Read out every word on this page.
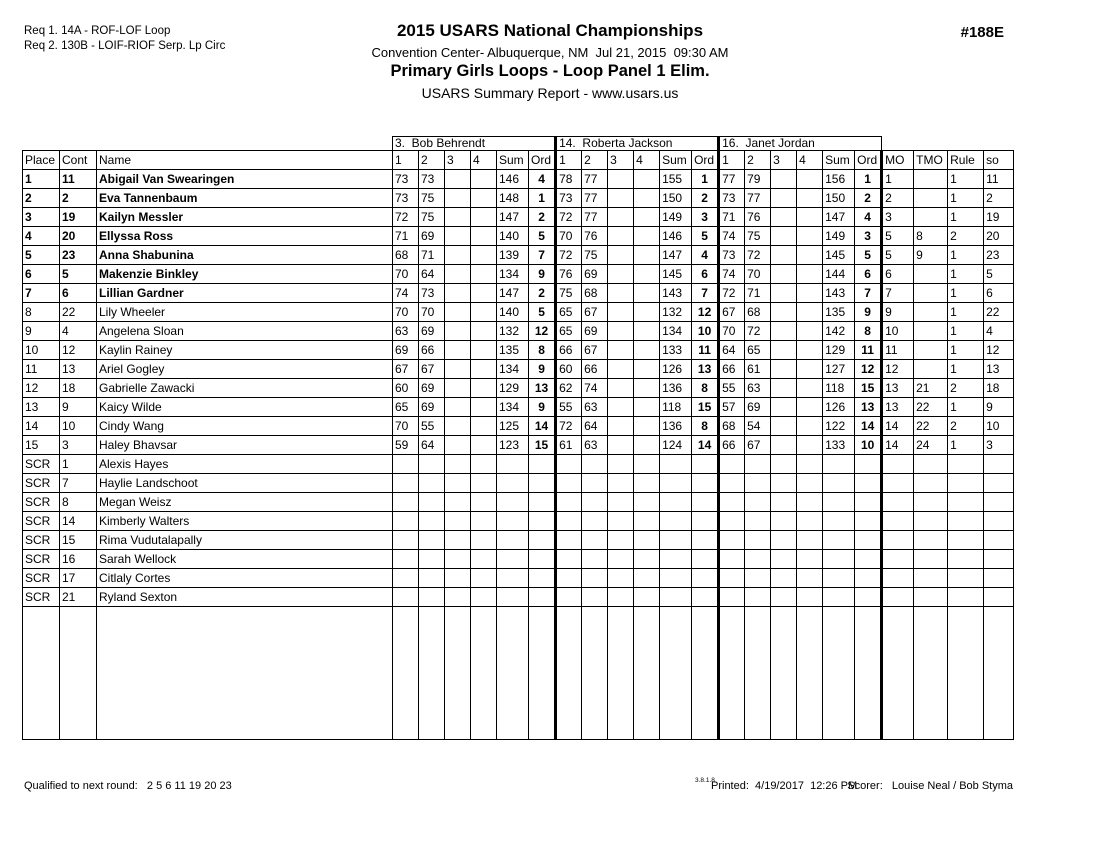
Req 1. 14A - ROF-LOF Loop
Req 2. 130B - LOIF-RIOF Serp. Lp Circ
2015 USARS National Championships
Convention Center- Albuquerque, NM  Jul 21, 2015  09:30 AM
Primary Girls Loops - Loop Panel 1 Elim.
USARS Summary Report - www.usars.us
#188E
			3.  Bob Behrendt						14.  Roberta Jackson						16.  Janet Jordan									
Place	Cont	Name	1	2	3	4	Sum	Ord	1	2	3	4	Sum	Ord	1	2	3	4	Sum	Ord	MO	TMO	Rule	so
1	11	Abigail Van Swearingen	73	73			146	4	78	77			155	1	77	79			156	1	1		1	11
2	2	Eva Tannenbaum	73	75			148	1	73	77			150	2	73	77			150	2	2		1	2
3	19	Kailyn Messler	72	75			147	2	72	77			149	3	71	76			147	4	3		1	19
4	20	Ellyssa Ross	71	69			140	5	70	76			146	5	74	75			149	3	5	8	2	20
5	23	Anna Shabunina	68	71			139	7	72	75			147	4	73	72			145	5	5	9	1	23
6	5	Makenzie Binkley	70	64			134	9	76	69			145	6	74	70			144	6	6		1	5
7	6	Lillian Gardner	74	73			147	2	75	68			143	7	72	71			143	7	7		1	6
8	22	Lily Wheeler	70	70			140	5	65	67			132	12	67	68			135	9	9		1	22
9	4	Angelena Sloan	63	69			132	12	65	69			134	10	70	72			142	8	10		1	4
10	12	Kaylin Rainey	69	66			135	8	66	67			133	11	64	65			129	11	11		1	12
11	13	Ariel Gogley	67	67			134	9	60	66			126	13	66	61			127	12	12		1	13
12	18	Gabrielle Zawacki	60	69			129	13	62	74			136	8	55	63			118	15	13	21	2	18
13	9	Kaicy Wilde	65	69			134	9	55	63			118	15	57	69			126	13	13	22	1	9
14	10	Cindy Wang	70	55			125	14	72	64			136	8	68	54			122	14	14	22	2	10
15	3	Haley Bhavsar	59	64			123	15	61	63			124	14	66	67			133	10	14	24	1	3
SCR	1	Alexis Hayes																						
SCR	7	Haylie Landschoot																						
SCR	8	Megan Weisz																						
SCR	14	Kimberly Walters																						
SCR	15	Rima Vudutalapally																						
SCR	16	Sarah Wellock																						
SCR	17	Citlaly Cortes																						
SCR	21	Ryland Sexton																						

Qualified to next round:   2 5 6 11 19 20 23	3.8.1.8
Printed:  4/19/2017  12:26 PM
Scorer:   Louise Neal / Bob Styma
